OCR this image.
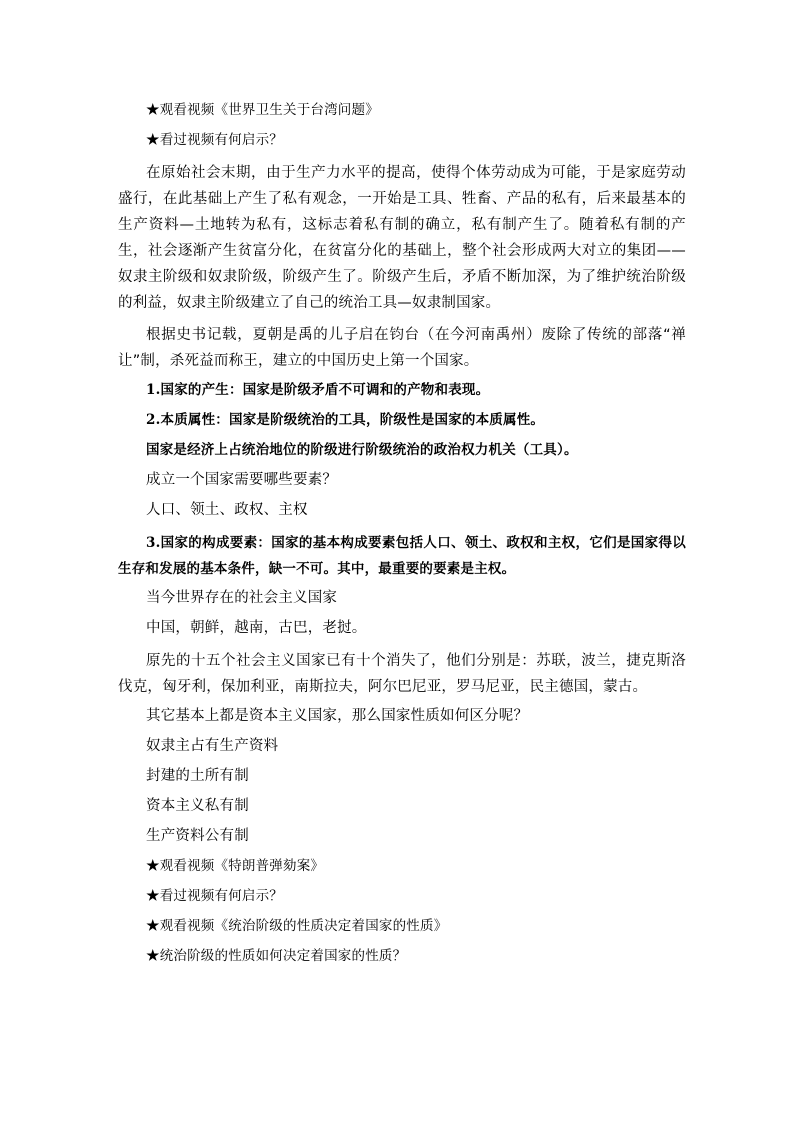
★观看视频《世界卫生关于台湾问题》
★看过视频有何启示？
在原始社会末期，由于生产力水平的提高，使得个体劳动成为可能，于是家庭劳动盛行，在此基础上产生了私有观念，一开始是工具、牲畜、产品的私有，后来最基本的生产资料—土地转为私有，这标志着私有制的确立，私有制产生了。随着私有制的产生，社会逐渐产生贫富分化，在贫富分化的基础上，整个社会形成两大对立的集团——奴隶主阶级和奴隶阶级，阶级产生了。阶级产生后，矛盾不断加深，为了维护统治阶级的利益，奴隶主阶级建立了自己的统治工具—奴隶制国家。
根据史书记载，夏朝是禹的儿子启在钧台（在今河南禹州）废除了传统的部落“禅让”制，杀死益而称王，建立的中国历史上第一个国家。
1.国家的产生：国家是阶级矛盾不可调和的产物和表现。
2.本质属性：国家是阶级统治的工具，阶级性是国家的本质属性。
国家是经济上占统治地位的阶级进行阶级统治的政治权力机关（工具）。
成立一个国家需要哪些要素？
人口、领土、政权、主权
3.国家的构成要素：国家的基本构成要素包括人口、领土、政权和主权，它们是国家得以生存和发展的基本条件，缺一不可。其中，最重要的要素是主权。
当今世界存在的社会主义国家
中国，朝鲜，越南，古巴，老挝。
原先的十五个社会主义国家已有十个消失了，他们分别是：苏联，波兰，捷克斯洛伐克，匈牙利，保加利亚，南斯拉夫，阿尔巴尼亚，罗马尼亚，民主德国，蒙古。
其它基本上都是资本主义国家，那么国家性质如何区分呢？
奴隶主占有生产资料
封建的土所有制
资本主义私有制
生产资料公有制
★观看视频《特朗普弹劾案》
★看过视频有何启示？
★观看视频《统治阶级的性质决定着国家的性质》
★统治阶级的性质如何决定着国家的性质？
